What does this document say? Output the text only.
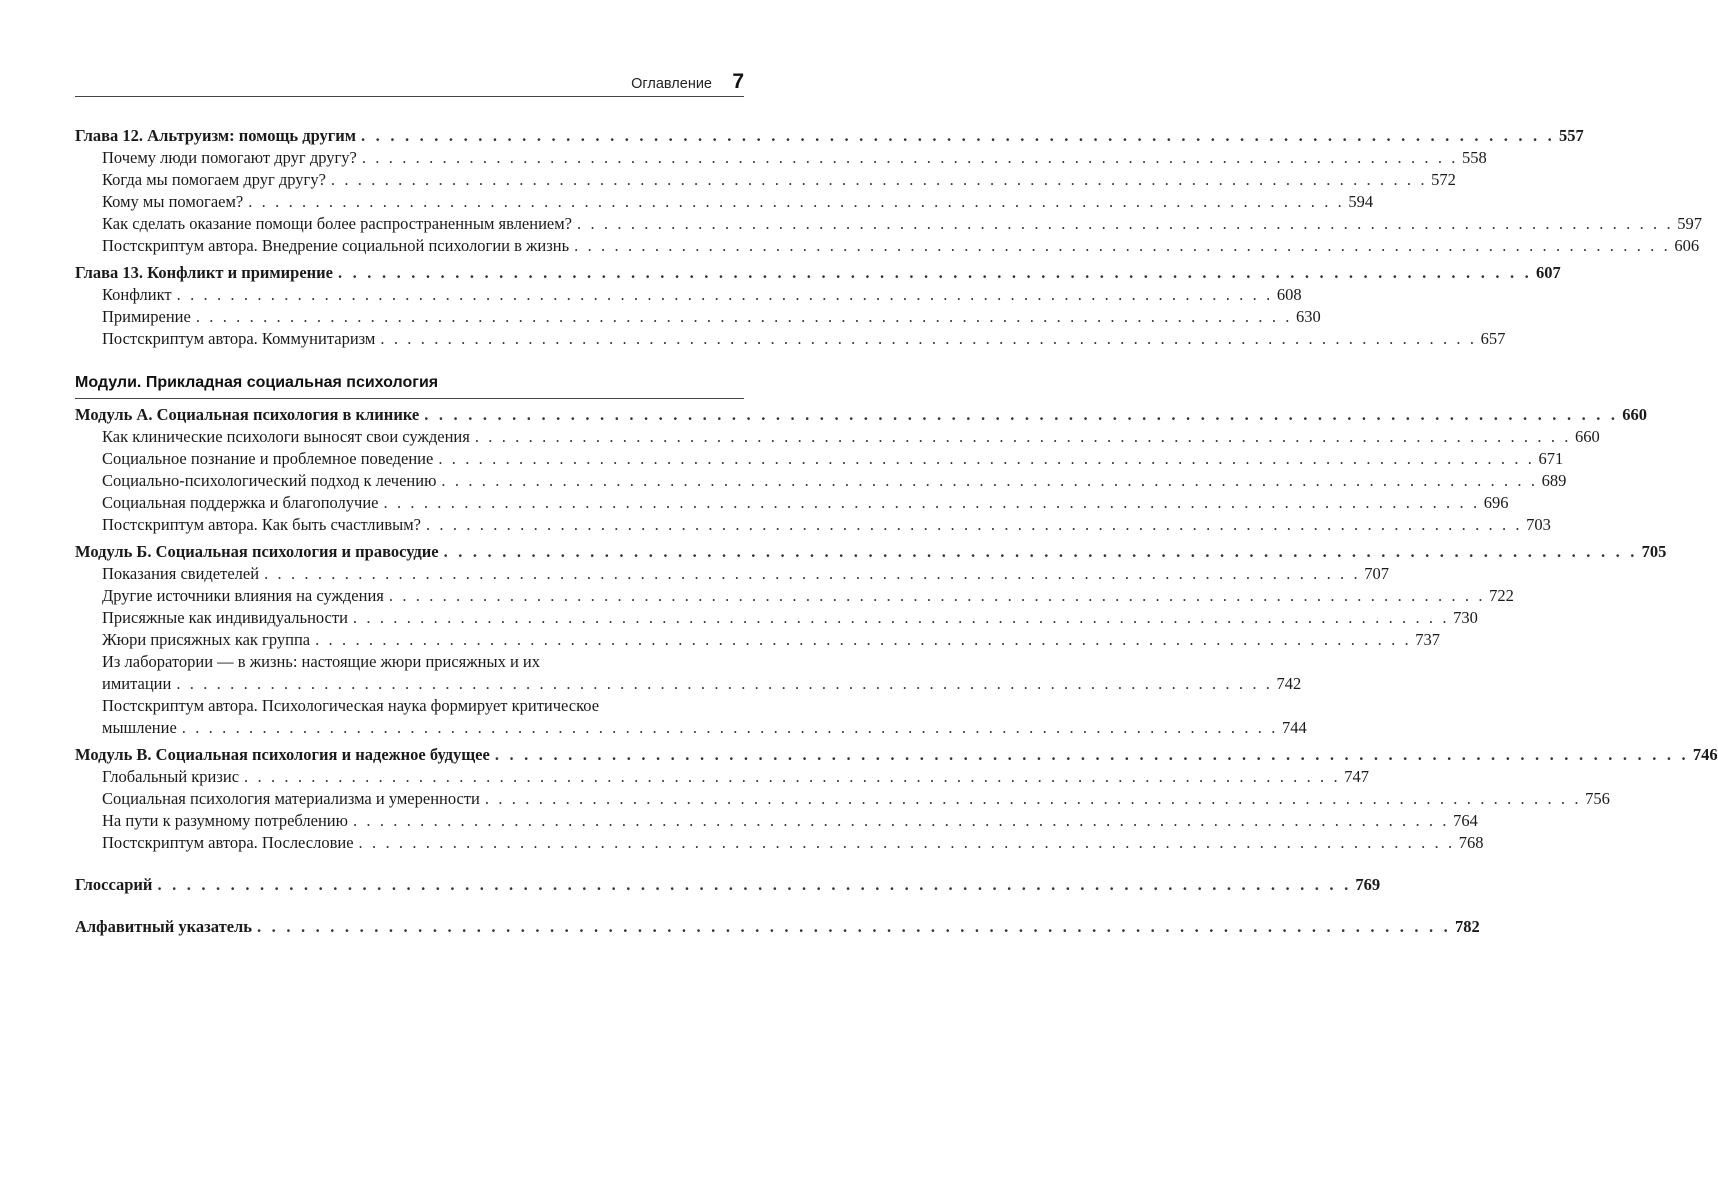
Оглавление 7
Глава 12. Альтруизм: помощь другим . . . . . . . . . . . . . . . . . . . . . . . . . . . . . . . . . . . . . . . . . . . . . . . . . . . . . . . . . . . . . . . . . . . . . . . . . . . . . . . . . . 557
Почему люди помогают друг другу? . . . . . . . . . . . . . . . . . . . . . . . . . . . . . . . . . . . . . . . . . . . . . . . . . . . . . . . . . . . . . . . . . . . . . . . . . . . . . . . . . . 558
Когда мы помогаем друг другу? . . . . . . . . . . . . . . . . . . . . . . . . . . . . . . . . . . . . . . . . . . . . . . . . . . . . . . . . . . . . . . . . . . . . . . . . . . . . . . . . . . 572
Кому мы помогаем? . . . . . . . . . . . . . . . . . . . . . . . . . . . . . . . . . . . . . . . . . . . . . . . . . . . . . . . . . . . . . . . . . . . . . . . . . . . . . . . . . . 594
Как сделать оказание помощи более распространенным явлением? . . . . . . . . . . . . . . . . . . . . . . . . . . . . . . . . . . . . . . . . . . . . . . . . . . . . . . . . . . . . . . . . . . . . . . . . . . . . . . . . . . 597
Постскриптум автора. Внедрение социальной психологии в жизнь . . . . . . . . . . . . . . . . . . . . . . . . . . . . . . . . . . . . . . . . . . . . . . . . . . . . . . . . . . . . . . . . . . . . . . . . . . . . . . . . . . 606
Глава 13. Конфликт и примирение . . . . . . . . . . . . . . . . . . . . . . . . . . . . . . . . . . . . . . . . . . . . . . . . . . . . . . . . . . . . . . . . . . . . . . . . . . . . . . . . . . 607
Конфликт . . . . . . . . . . . . . . . . . . . . . . . . . . . . . . . . . . . . . . . . . . . . . . . . . . . . . . . . . . . . . . . . . . . . . . . . . . . . . . . . . . 608
Примирение . . . . . . . . . . . . . . . . . . . . . . . . . . . . . . . . . . . . . . . . . . . . . . . . . . . . . . . . . . . . . . . . . . . . . . . . . . . . . . . . . . 630
Постскриптум автора. Коммунитаризм . . . . . . . . . . . . . . . . . . . . . . . . . . . . . . . . . . . . . . . . . . . . . . . . . . . . . . . . . . . . . . . . . . . . . . . . . . . . . . . . . . 657
Модули. Прикладная социальная психология
Модуль А. Социальная психология в клинике . . . . . . . . . . . . . . . . . . . . . . . . . . . . . . . . . . . . . . . . . . . . . . . . . . . . . . . . . . . . . . . . . . . . . . . . . . . . . . . . . . 660
Как клинические психологи выносят свои суждения . . . . . . . . . . . . . . . . . . . . . . . . . . . . . . . . . . . . . . . . . . . . . . . . . . . . . . . . . . . . . . . . . . . . . . . . . . . . . . . . . . 660
Социальное познание и проблемное поведение . . . . . . . . . . . . . . . . . . . . . . . . . . . . . . . . . . . . . . . . . . . . . . . . . . . . . . . . . . . . . . . . . . . . . . . . . . . . . . . . . . 671
Социально-психологический подход к лечению . . . . . . . . . . . . . . . . . . . . . . . . . . . . . . . . . . . . . . . . . . . . . . . . . . . . . . . . . . . . . . . . . . . . . . . . . . . . . . . . . . 689
Социальная поддержка и благополучие . . . . . . . . . . . . . . . . . . . . . . . . . . . . . . . . . . . . . . . . . . . . . . . . . . . . . . . . . . . . . . . . . . . . . . . . . . . . . . . . . . 696
Постскриптум автора. Как быть счастливым? . . . . . . . . . . . . . . . . . . . . . . . . . . . . . . . . . . . . . . . . . . . . . . . . . . . . . . . . . . . . . . . . . . . . . . . . . . . . . . . . . . 703
Модуль Б. Социальная психология и правосудие . . . . . . . . . . . . . . . . . . . . . . . . . . . . . . . . . . . . . . . . . . . . . . . . . . . . . . . . . . . . . . . . . . . . . . . . . . . . . . . . . . 705
Показания свидетелей . . . . . . . . . . . . . . . . . . . . . . . . . . . . . . . . . . . . . . . . . . . . . . . . . . . . . . . . . . . . . . . . . . . . . . . . . . . . . . . . . . 707
Другие источники влияния на суждения . . . . . . . . . . . . . . . . . . . . . . . . . . . . . . . . . . . . . . . . . . . . . . . . . . . . . . . . . . . . . . . . . . . . . . . . . . . . . . . . . . 722
Присяжные как индивидуальности . . . . . . . . . . . . . . . . . . . . . . . . . . . . . . . . . . . . . . . . . . . . . . . . . . . . . . . . . . . . . . . . . . . . . . . . . . . . . . . . . . 730
Жюри присяжных как группа . . . . . . . . . . . . . . . . . . . . . . . . . . . . . . . . . . . . . . . . . . . . . . . . . . . . . . . . . . . . . . . . . . . . . . . . . . . . . . . . . . 737
Из лаборатории — в жизнь: настоящие жюри присяжных и их
имитации . . . . . . . . . . . . . . . . . . . . . . . . . . . . . . . . . . . . . . . . . . . . . . . . . . . . . . . . . . . . . . . . . . . . . . . . . . . . . . . . . . 742
Постскриптум автора. Психологическая наука формирует критическое
мышление . . . . . . . . . . . . . . . . . . . . . . . . . . . . . . . . . . . . . . . . . . . . . . . . . . . . . . . . . . . . . . . . . . . . . . . . . . . . . . . . . . 744
Модуль В. Социальная психология и надежное будущее . . . . . . . . . . . . . . . . . . . . . . . . . . . . . . . . . . . . . . . . . . . . . . . . . . . . . . . . . . . . . . . . . . . . . . . . . . . . . . . . . . 746
Глобальный кризис . . . . . . . . . . . . . . . . . . . . . . . . . . . . . . . . . . . . . . . . . . . . . . . . . . . . . . . . . . . . . . . . . . . . . . . . . . . . . . . . . . 747
Социальная психология материализма и умеренности . . . . . . . . . . . . . . . . . . . . . . . . . . . . . . . . . . . . . . . . . . . . . . . . . . . . . . . . . . . . . . . . . . . . . . . . . . . . . . . . . . 756
На пути к разумному потреблению . . . . . . . . . . . . . . . . . . . . . . . . . . . . . . . . . . . . . . . . . . . . . . . . . . . . . . . . . . . . . . . . . . . . . . . . . . . . . . . . . . 764
Постскриптум автора. Послесловие . . . . . . . . . . . . . . . . . . . . . . . . . . . . . . . . . . . . . . . . . . . . . . . . . . . . . . . . . . . . . . . . . . . . . . . . . . . . . . . . . . 768
Глоссарий . . . . . . . . . . . . . . . . . . . . . . . . . . . . . . . . . . . . . . . . . . . . . . . . . . . . . . . . . . . . . . . . . . . . . . . . . . . . . . . . . . 769
Алфавитный указатель . . . . . . . . . . . . . . . . . . . . . . . . . . . . . . . . . . . . . . . . . . . . . . . . . . . . . . . . . . . . . . . . . . . . . . . . . . . . . . . . . . 782
